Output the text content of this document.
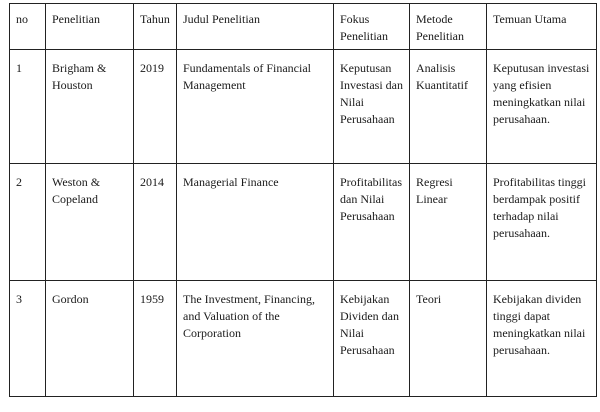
no	Penelitian	Tahun	Judul Penelitian	Fokus Penelitian	Metode Penelitian	Temuan Utama
1	Brigham & Houston	2019	Fundamentals of Financial Management	Keputusan Investasi dan Nilai Perusahaan	Analisis Kuantitatif	Keputusan investasi yang efisien meningkatkan nilai perusahaan.
2	Weston & Copeland	2014	Managerial Finance	Profitabilitas dan Nilai Perusahaan	Regresi Linear	Profitabilitas tinggi berdampak positif terhadap nilai perusahaan.
3	Gordon	1959	The Investment, Financing, and Valuation of the Corporation	Kebijakan Dividen dan Nilai Perusahaan	Teori	Kebijakan dividen tinggi dapat meningkatkan nilai perusahaan.
